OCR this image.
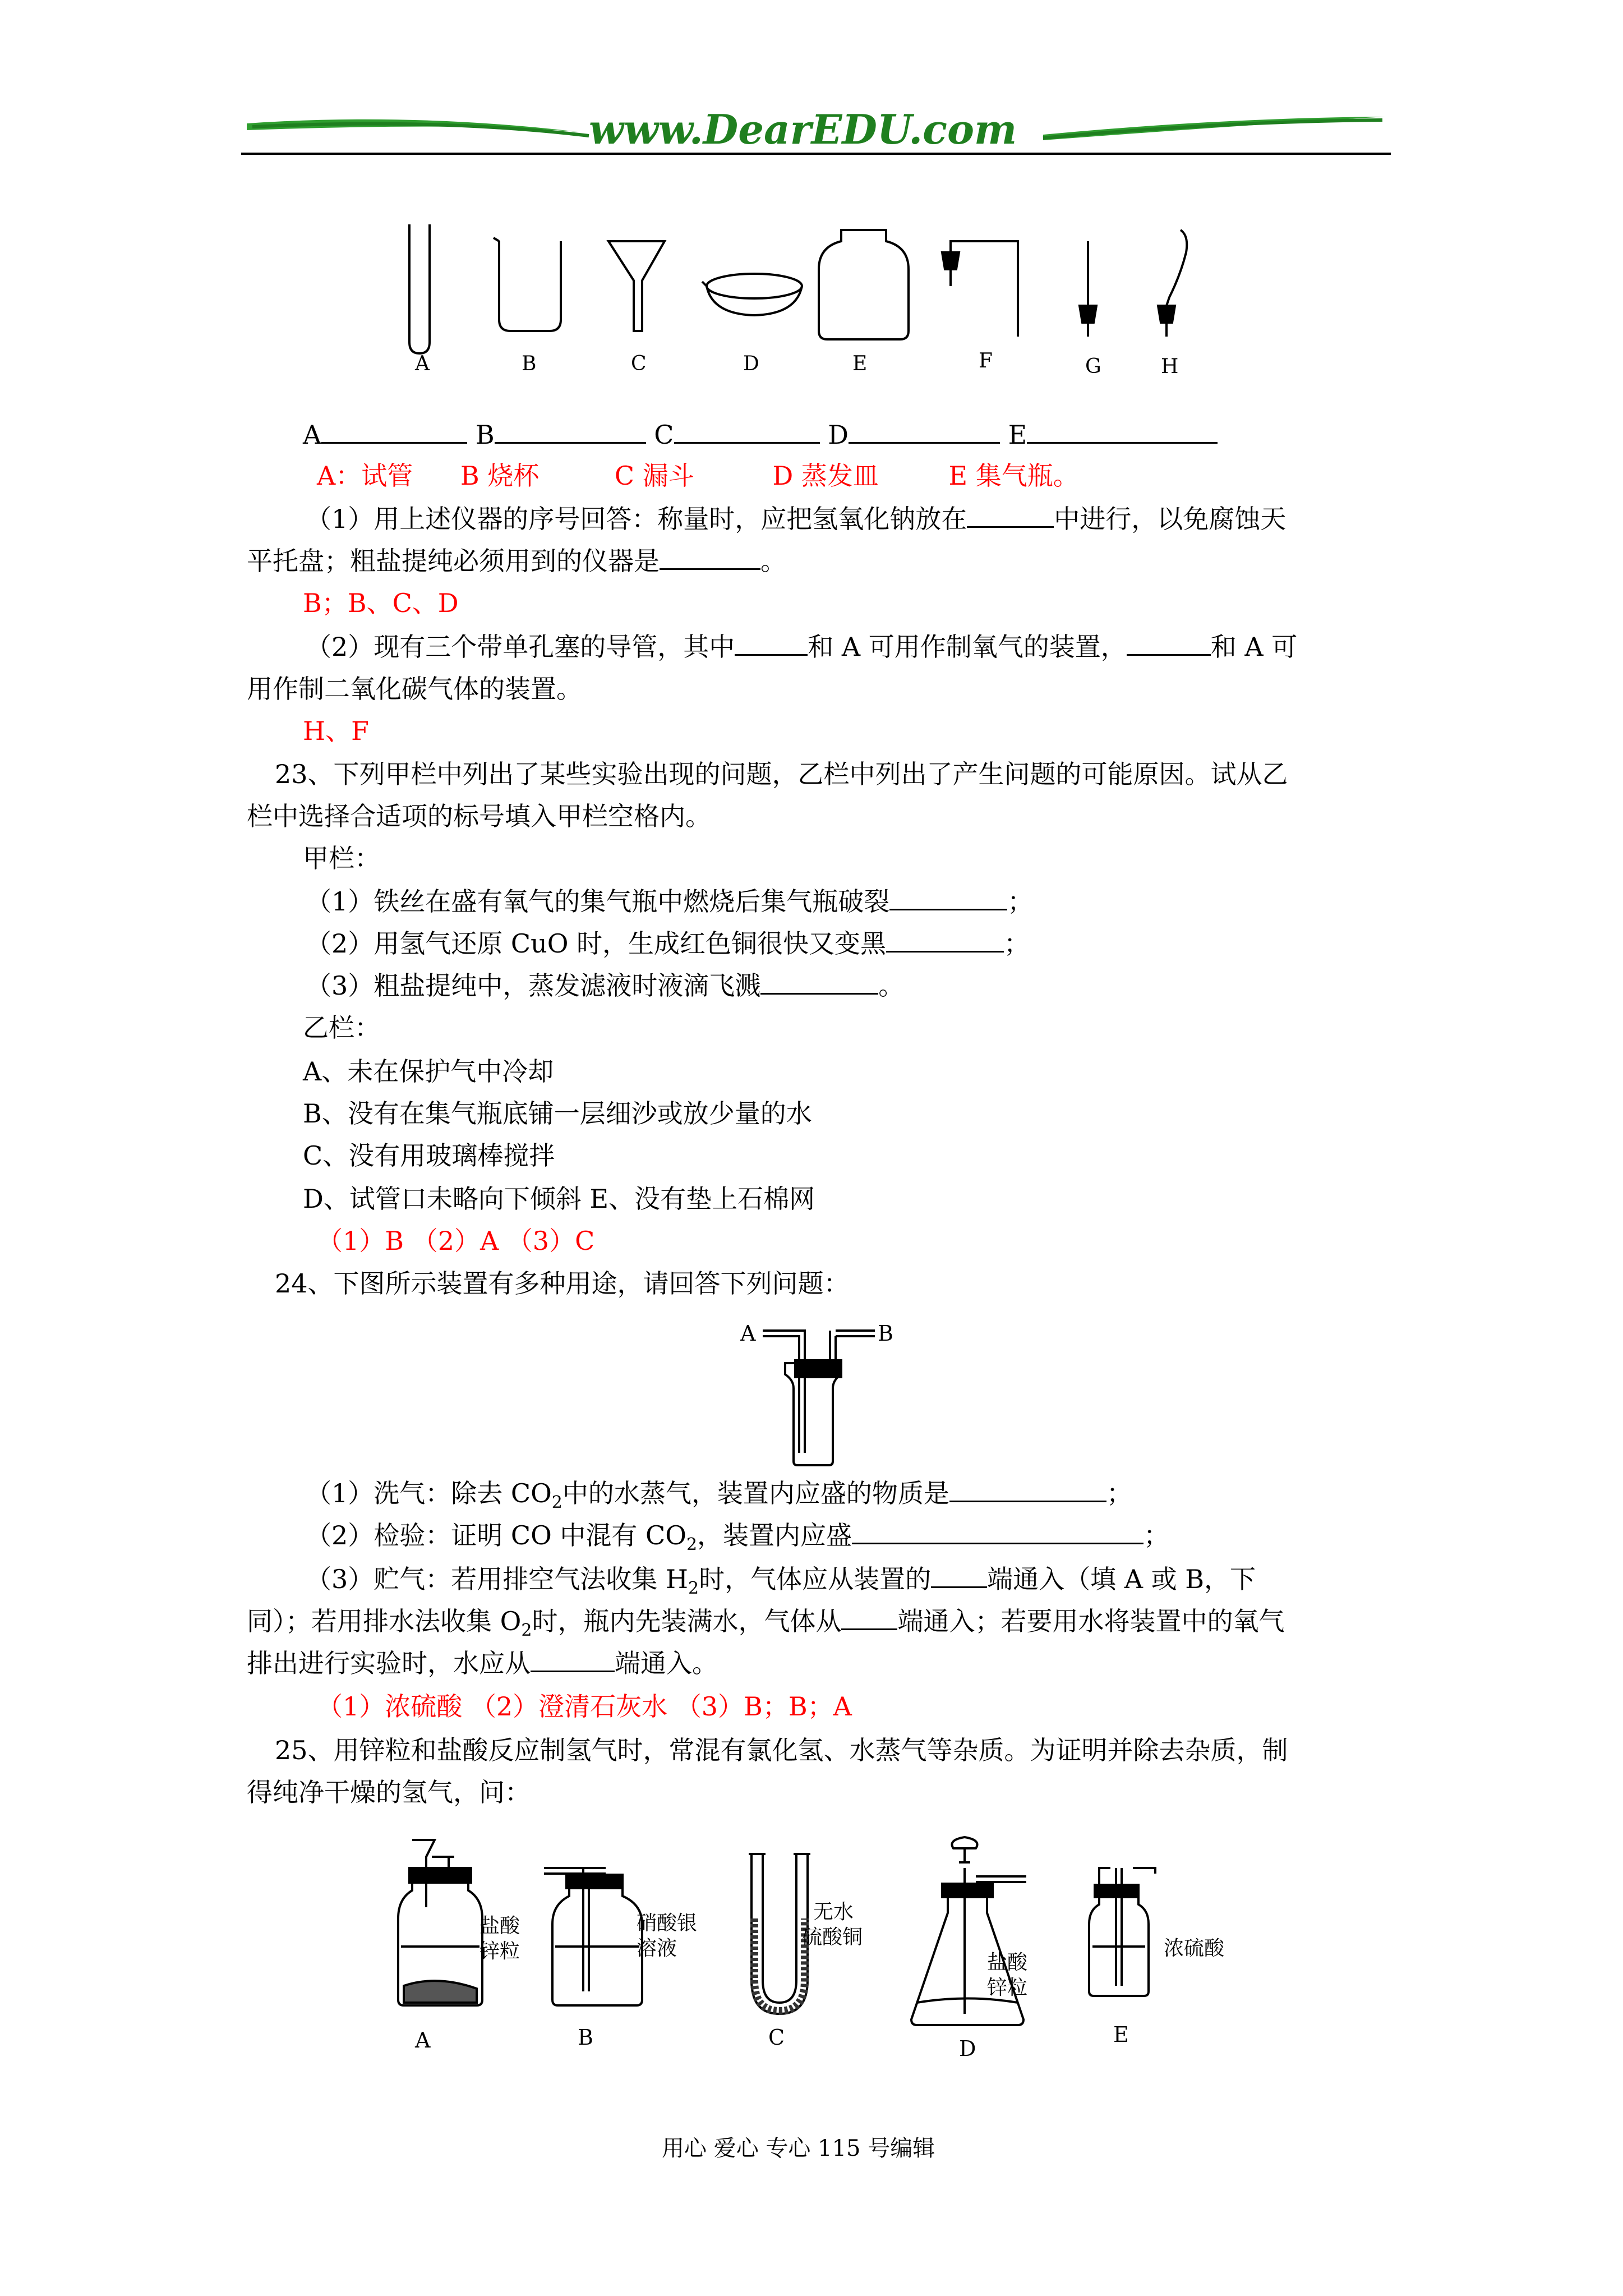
www.DearEDU.com
A	B	C	D	E	F	G	H
A	B	C	D	E
A：试管 B 烧杯	C 漏斗	D 蒸发皿	E 集气瓶。
（1）用上述仪器的序号回答：称量时，应把氢氧化钠放在	中进行，以免腐蚀天
平托盘；粗盐提纯必须用到的仪器是	。
B；B、C、D
（2）现有三个带单孔塞的导管，其中	和 A 可用作制氧气的装置，	和 A 可
用作制二氧化碳气体的装置。
H、F
23、下列甲栏中列出了某些实验出现的问题，乙栏中列出了产生问题的可能原因。试从乙
栏中选择合适项的标号填入甲栏空格内。
甲栏：
（1）铁丝在盛有氧气的集气瓶中燃烧后集气瓶破裂	；
（2）用氢气还原 CuO 时，生成红色铜很快又变黑	；
（3）粗盐提纯中，蒸发滤液时液滴飞溅	。
乙栏：
A、未在保护气中冷却
B、没有在集气瓶底铺一层细沙或放少量的水
C、没有用玻璃棒搅拌
D、试管口未略向下倾斜 E、没有垫上石棉网
（1）B （2）A （3）C
24、下图所示装置有多种用途，请回答下列问题：
A	B
（1）洗气：除去 $CO_2$中的水蒸气，装置内应盛的物质是	；
（2）检验：证明 CO 中混有 $CO_2$，装置内应盛	；
（3）贮气：若用排空气法收集 $H_2$时，气体应从装置的 端通入（填 A 或 B，下
同）；若用排水法收集 $O_2$时，瓶内先装满水，气体从 端通入；若要用水将装置中的氧气
排出进行实验时，水应从	端通入。
（1）浓硫酸 （2）澄清石灰水 （3）B；B；A
25、用锌粒和盐酸反应制氢气时，常混有氯化氢、水蒸气等杂质。为证明并除去杂质，制
得纯净干燥的氢气，问：
盐酸
锌粒
硝酸银
溶液
无水
硫酸铜
盐酸
锌粒
浓硫酸
A	B	C	D
E
用心 爱心 专心 115 号编辑
